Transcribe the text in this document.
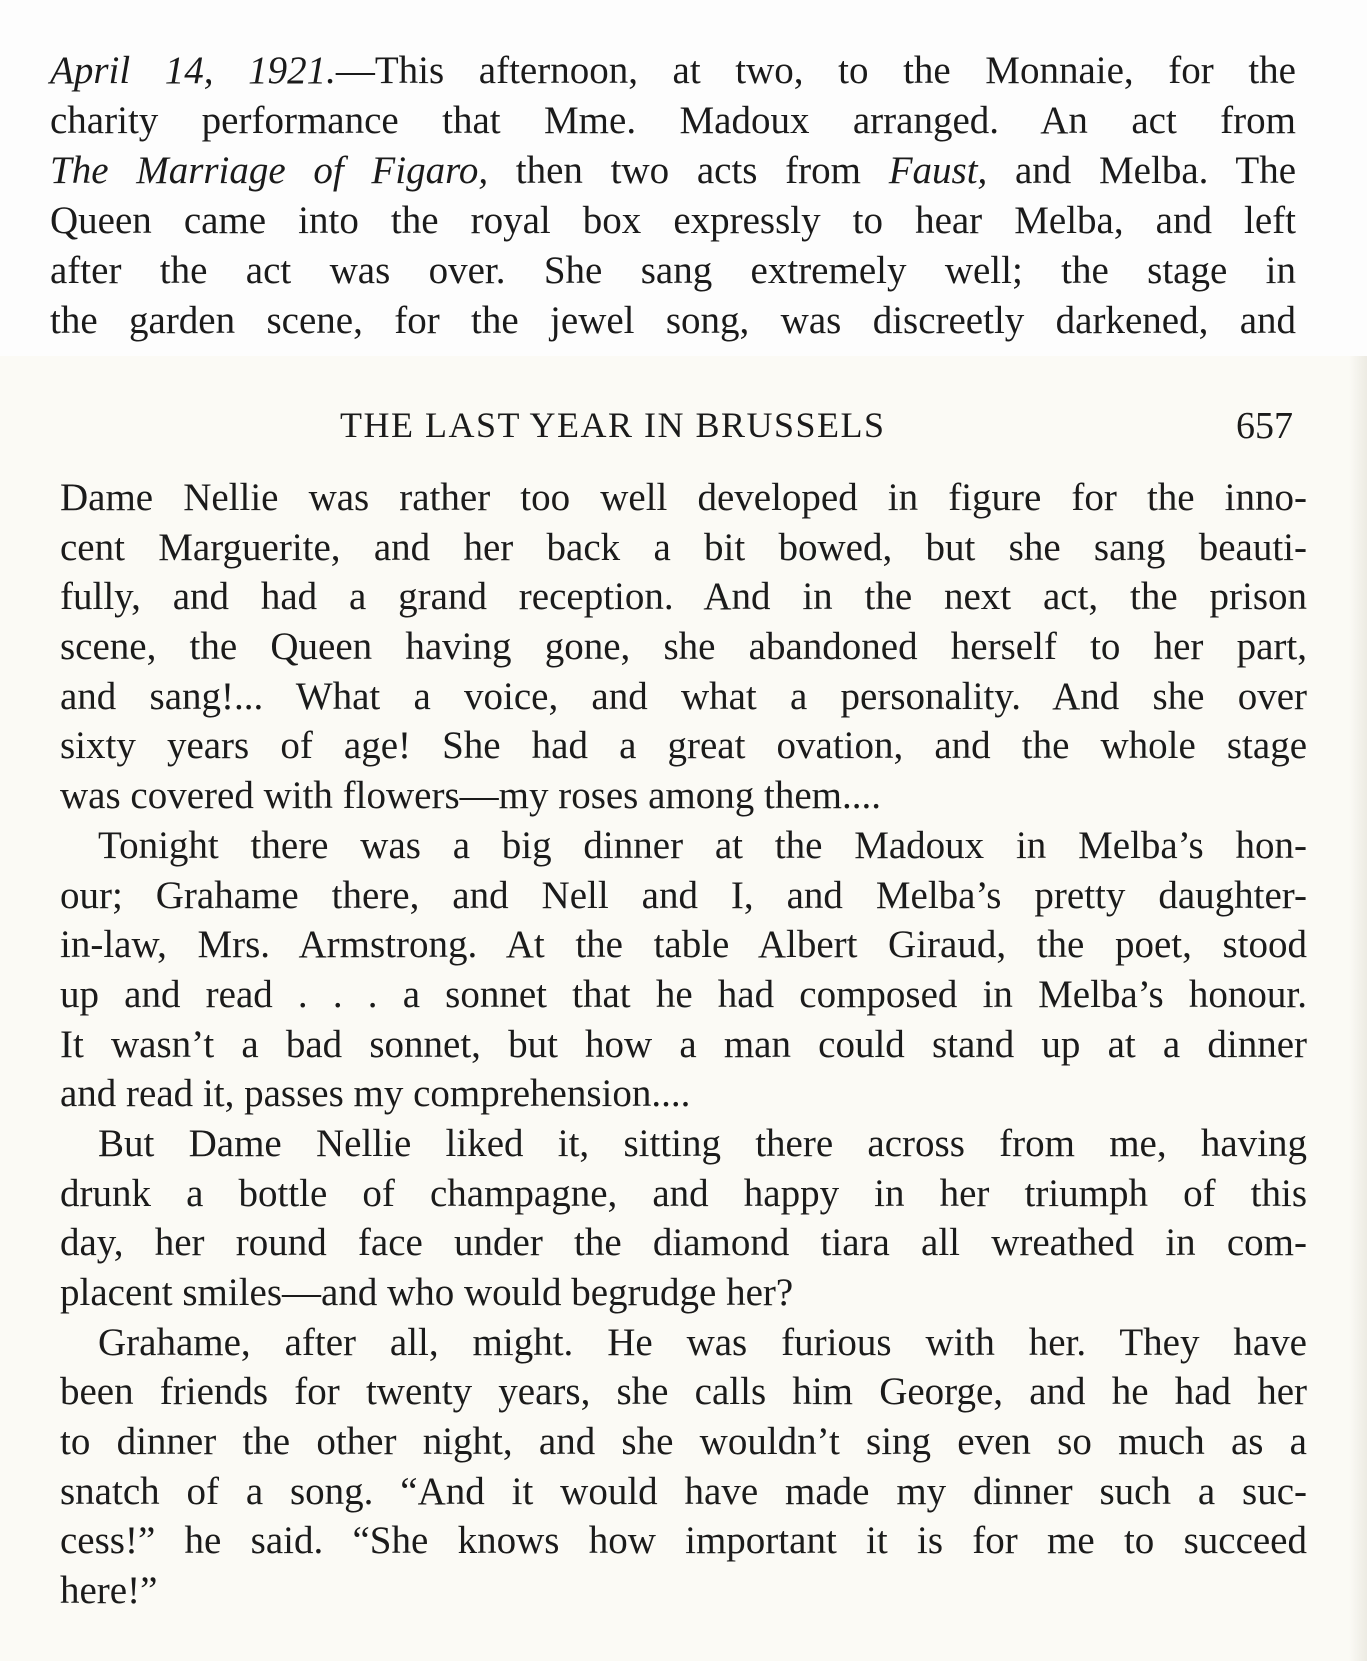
April 14, 1921.—This afternoon, at two, to the Monnaie, for the
charity performance that Mme. Madoux arranged. An act from
The Marriage of Figaro, then two acts from Faust, and Melba. The
Queen came into the royal box expressly to hear Melba, and left
after the act was over. She sang extremely well; the stage in
the garden scene, for the jewel song, was discreetly darkened, and
THE LAST YEAR IN BRUSSELS	657
Dame Nellie was rather too well developed in figure for the inno-
cent Marguerite, and her back a bit bowed, but she sang beauti-
fully, and had a grand reception. And in the next act, the prison
scene, the Queen having gone, she abandoned herself to her part,
and sang!... What a voice, and what a personality. And she over
sixty years of age! She had a great ovation, and the whole stage
was covered with flowers—my roses among them....
Tonight there was a big dinner at the Madoux in Melba’s hon-
our; Grahame there, and Nell and I, and Melba’s pretty daughter-
in-law, Mrs. Armstrong. At the table Albert Giraud, the poet, stood
up and read . . . a sonnet that he had composed in Melba’s honour.
It wasn’t a bad sonnet, but how a man could stand up at a dinner
and read it, passes my comprehension....
But Dame Nellie liked it, sitting there across from me, having
drunk a bottle of champagne, and happy in her triumph of this
day, her round face under the diamond tiara all wreathed in com-
placent smiles—and who would begrudge her?
Grahame, after all, might. He was furious with her. They have
been friends for twenty years, she calls him George, and he had her
to dinner the other night, and she wouldn’t sing even so much as a
snatch of a song. “And it would have made my dinner such a suc-
cess!” he said. “She knows how important it is for me to succeed
here!”
